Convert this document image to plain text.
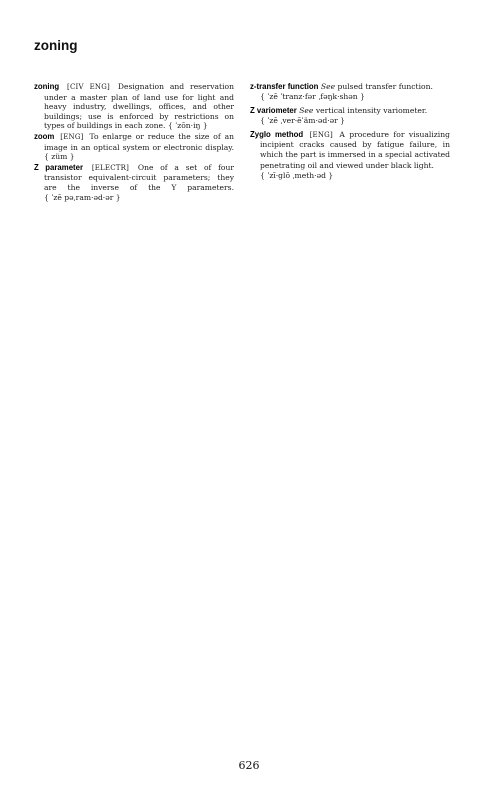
zoning

zoning [CIV ENG] Designation and reservation under a master plan of land use for light and heavy industry, dwellings, offices, and other buildings; use is enforced by restrictions on types of buildings in each zone. { ˈzōn·iŋ }

zoom [ENG] To enlarge or reduce the size of an image in an optical system or electronic display. { züm }

Z parameter [ELECTR] One of a set of four transistor equivalent-circuit parameters; they are the inverse of the Y parameters. { ˈzē pəˌram·əd·ər }

z-transfer function See pulsed transfer function.
{ ˈzē ˈtranz·fər ˌfəŋk·shən }

Z variometer See vertical intensity variometer.
{ ˈzē ˌver·ēˈäm·əd·ər }

Zyglo method [ENG] A procedure for visualizing incipient cracks caused by fatigue failure, in which the part is immersed in a special activated penetrating oil and viewed under black light.
{ ˈzī·glō ˌmeth·əd }

626
